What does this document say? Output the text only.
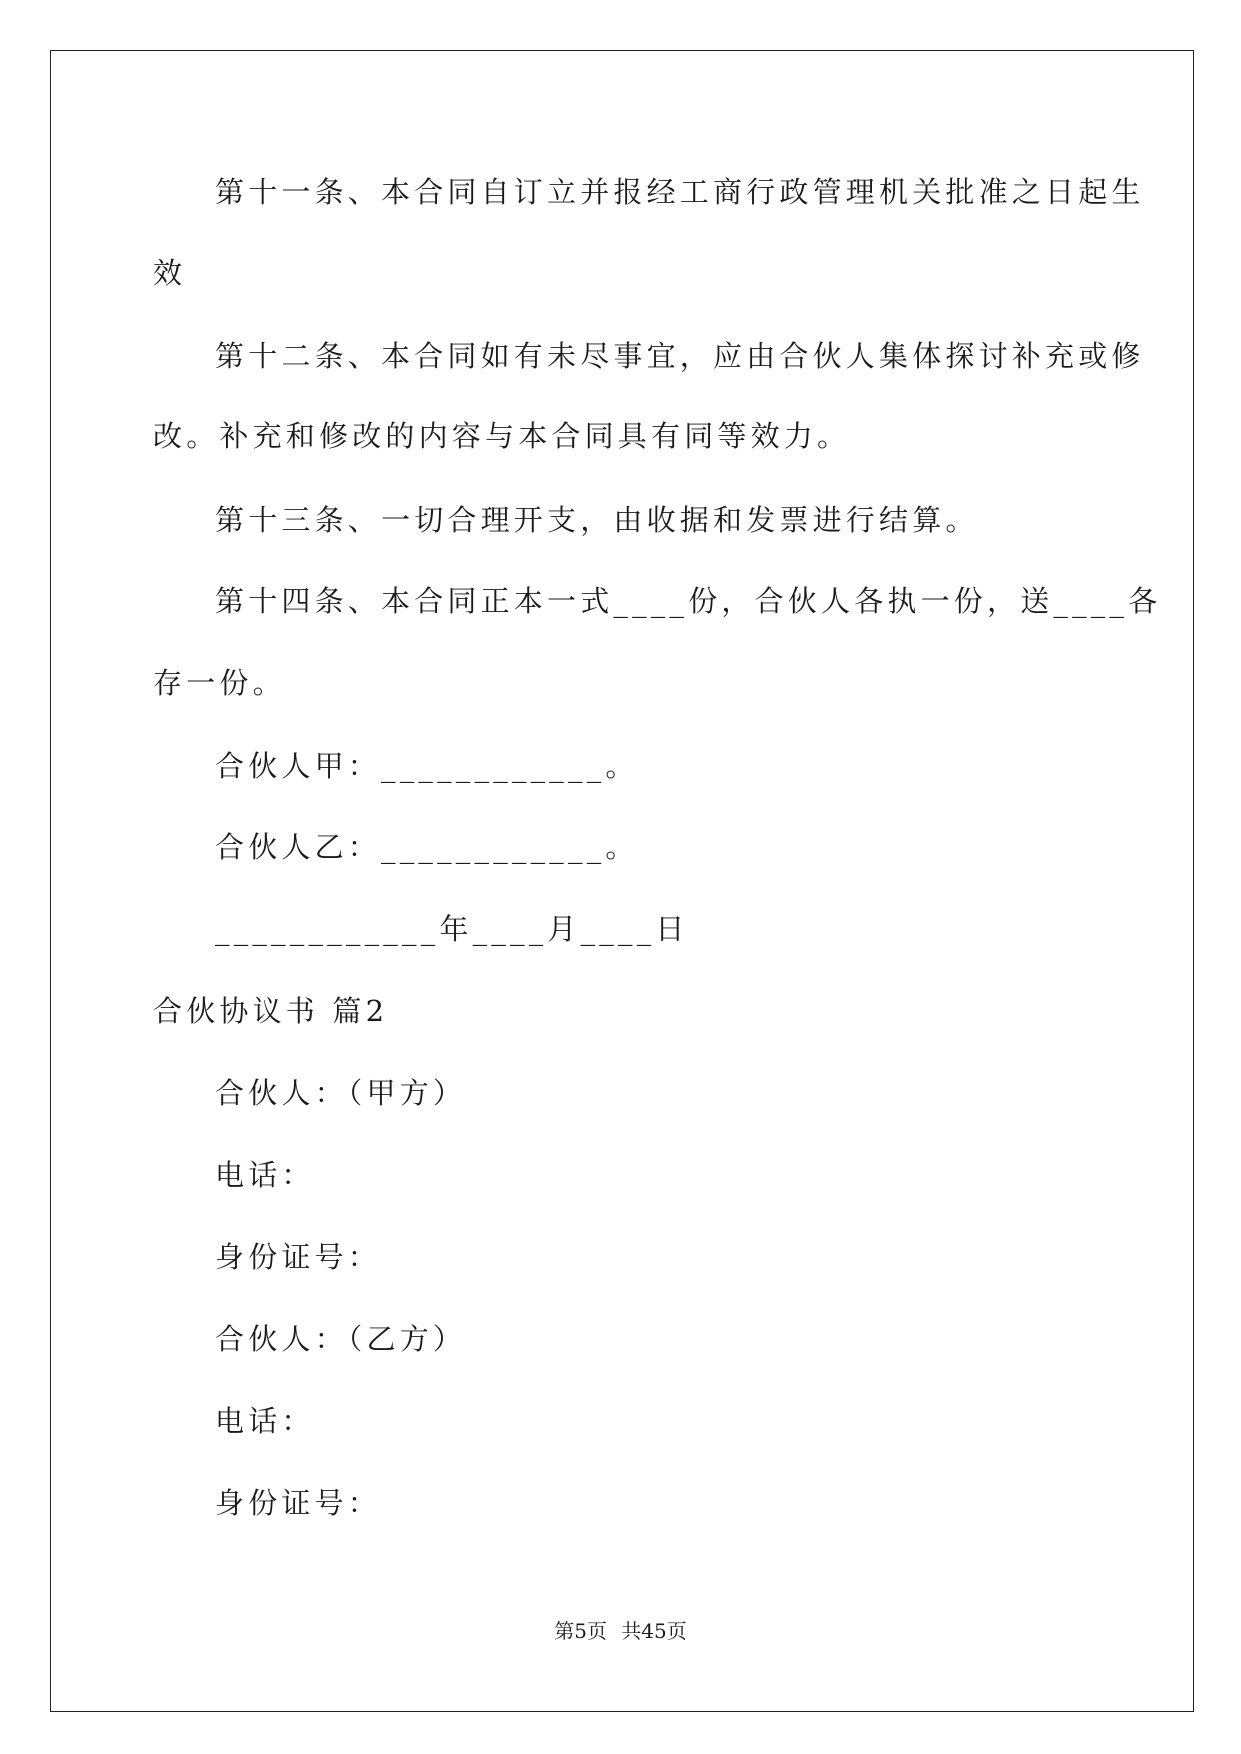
第十一条、本合同自订立并报经工商行政管理机关批准之日起生
效
第十二条、本合同如有未尽事宜，应由合伙人集体探讨补充或修
改。补充和修改的内容与本合同具有同等效力。
第十三条、一切合理开支，由收据和发票进行结算。
第十四条、本合同正本一式____份，合伙人各执一份，送____各
存一份。
合伙人甲：____________。
合伙人乙：____________。
____________年____月____日
合伙协议书 篇2
合伙人：（甲方）
电话：
身份证号：
合伙人：（乙方）
电话：
身份证号：
第5页 共45页
